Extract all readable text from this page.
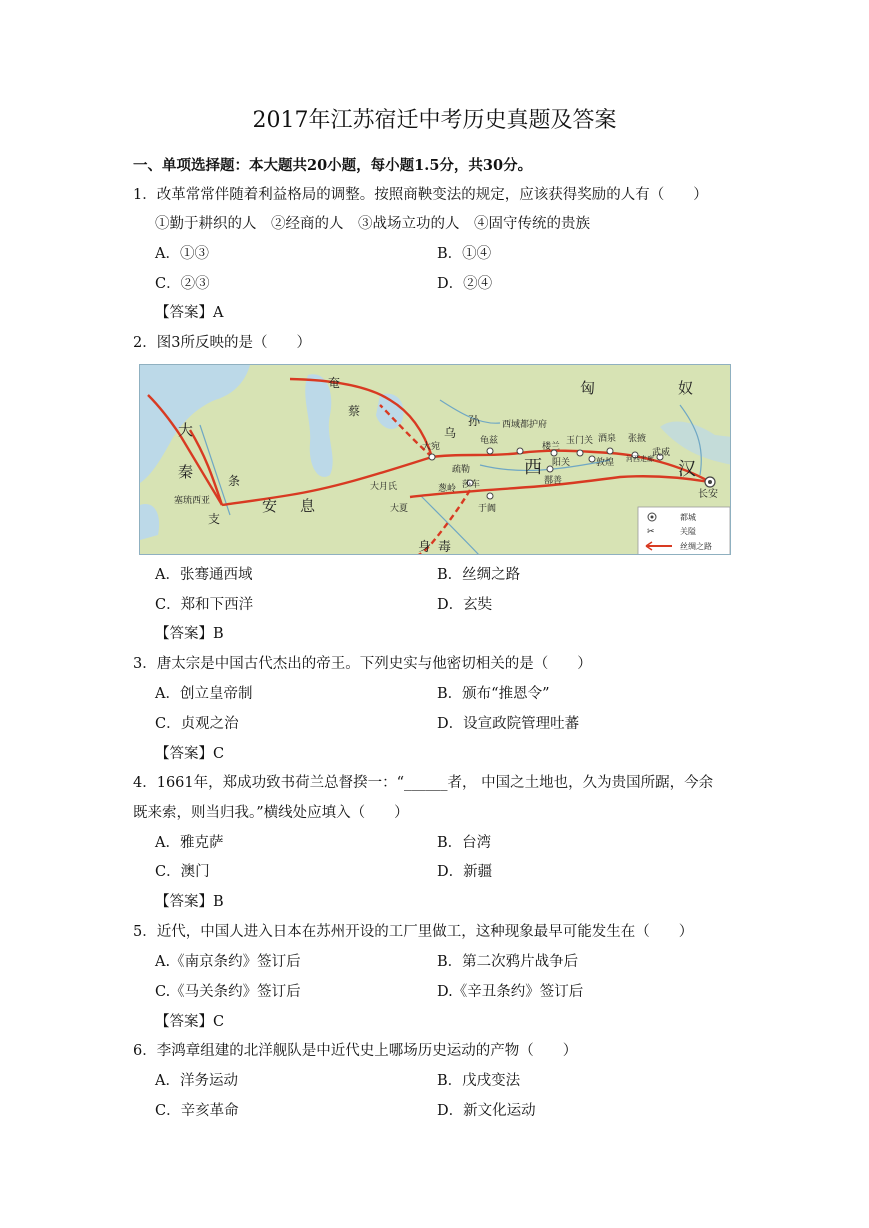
2017年江苏宿迁中考历史真题及答案
一、单项选择题：本大题共20小题，每小题1.5分，共30分。
1．改革常常伴随着利益格局的调整。按照商鞅变法的规定，应该获得奖励的人有（　　）
①勤于耕织的人　②经商的人　③战场立功的人　④固守传统的贵族
A．①③	B．①④
C．②③	D．②④
【答案】A
2．图3所反映的是（　　）
匈	奴
奄
蔡
大
秦	条
支
安 息
身 毒
西	汉
乌
孙 西域都护府
大宛
龟兹
楼兰
玉门关 酒泉 张掖
武威
敦煌
阳关	河西走廊
疏勒
大月氏	葱岭 莎车	鄯善
于阗
大夏
塞琉西亚
长安
都城
✂	关隘
丝绸之路
A．张骞通西域	B．丝绸之路
C．郑和下西洋	D．玄奘
【答案】B
3．唐太宗是中国古代杰出的帝王。下列史实与他密切相关的是（　　）
A．创立皇帝制	B．颁布“推恩令”
C．贞观之治	D．设宣政院管理吐蕃
【答案】C
4．1661年，郑成功致书荷兰总督揆一：“______者， 中国之土地也，久为贵国所踞，今余
既来索，则当归我。”横线处应填入（　　）
A．雅克萨	B．台湾
C．澳门	D．新疆
【答案】B
5．近代，中国人进入日本在苏州开设的工厂里做工，这种现象最早可能发生在（　　）
A.《南京条约》签订后	B．第二次鸦片战争后
C.《马关条约》签订后	D.《辛丑条约》签订后
【答案】C
6．李鸿章组建的北洋舰队是中近代史上哪场历史运动的产物（　　）
A．洋务运动	B．戊戌变法
C．辛亥革命	D．新文化运动
